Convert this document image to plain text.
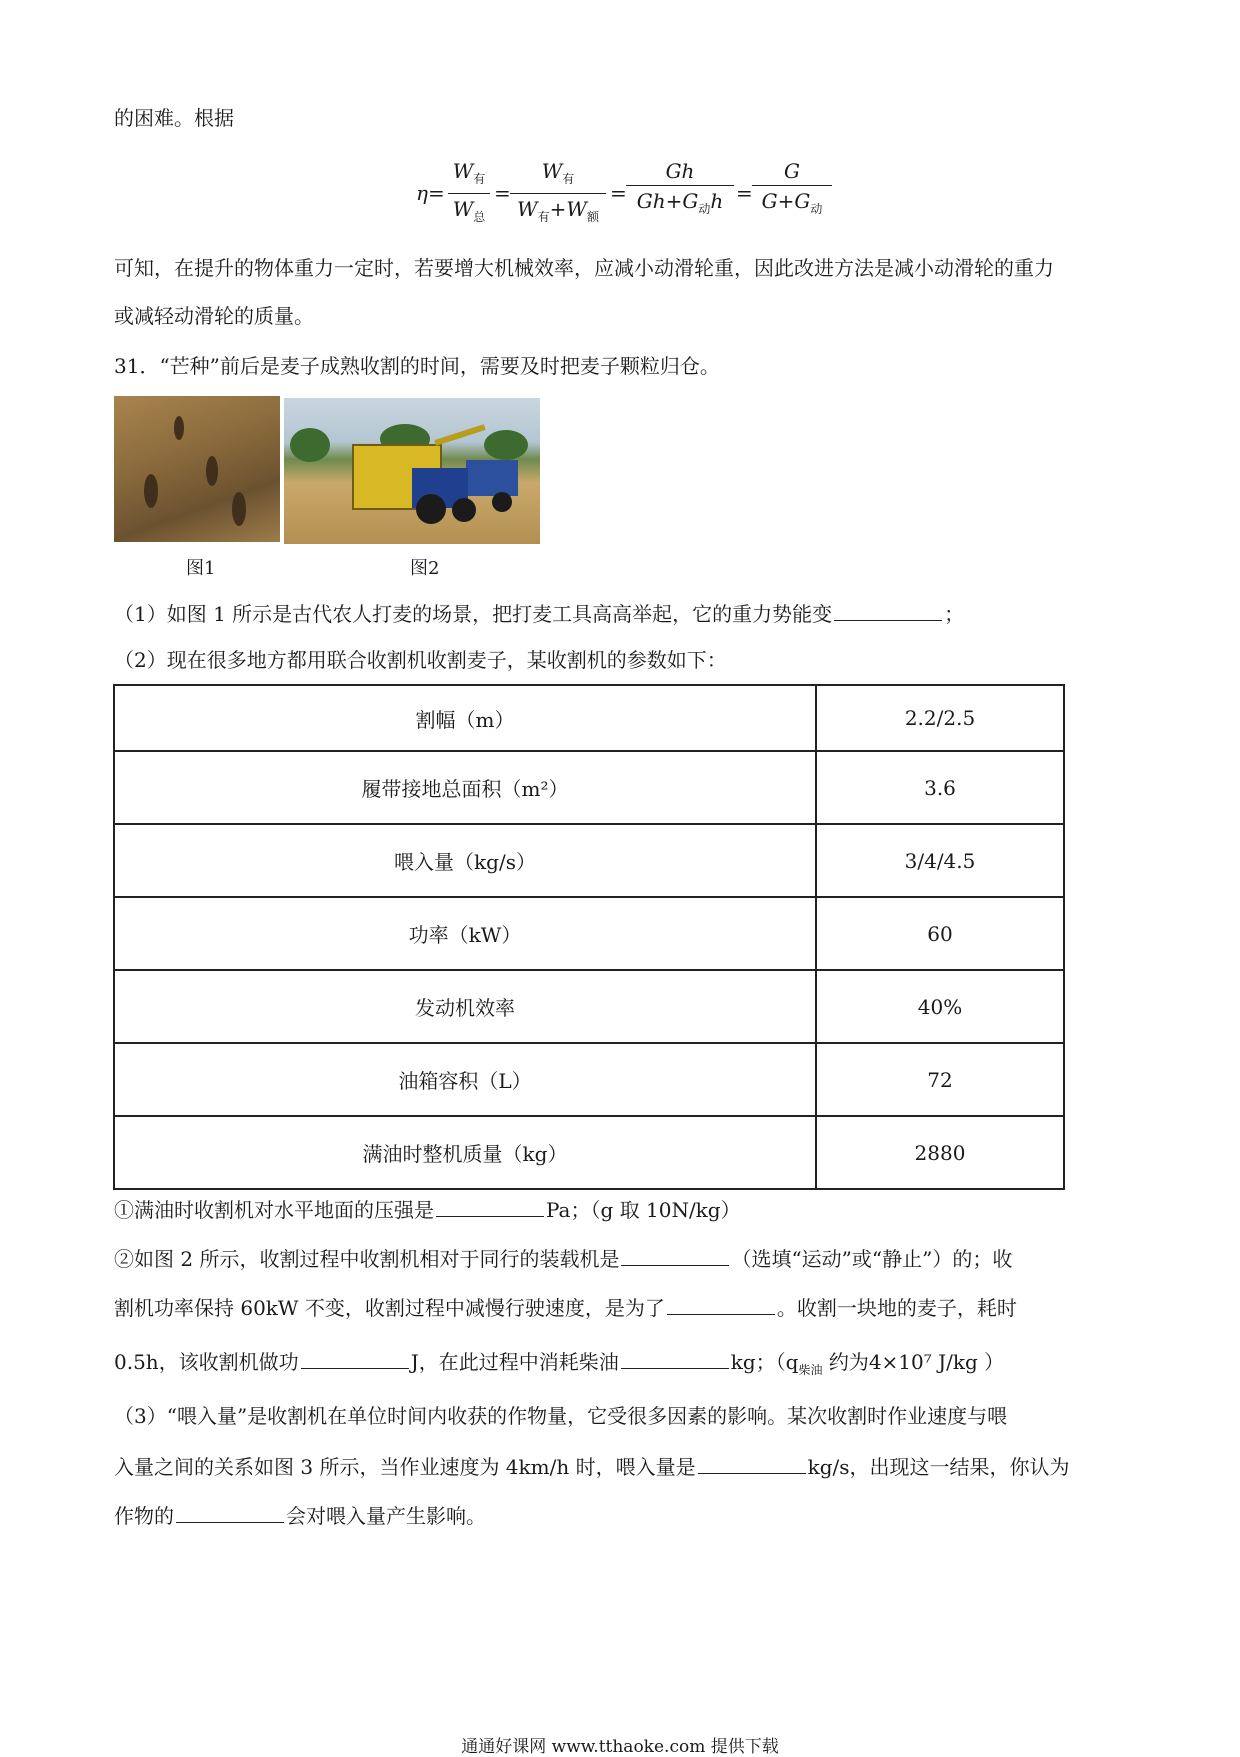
的困难。根据
η=
$W_有$
$W_总$
=
$W_有$
$W_有+W_额$
=
Gh
$Gh+G_动h$ =
G
$G+G_动$
可知，在提升的物体重力一定时，若要增大机械效率，应减小动滑轮重，因此改进方法是减小动滑轮的重力
或减轻动滑轮的质量。
31．“芒种”前后是麦子成熟收割的时间，需要及时把麦子颗粒归仓。
图1	图2
（1）如图 1 所示是古代农人打麦的场景，把打麦工具高高举起，它的重力势能变	；
（2）现在很多地方都用联合收割机收割麦子，某收割机的参数如下：
割幅（m）	2.2/2.5
履带接地总面积（m²）	3.6
喂入量（kg/s）	3/4/4.5
功率（kW）	60
发动机效率	40%
油箱容积（L）	72
满油时整机质量（kg）	2880
①满油时收割机对水平地面的压强是	Pa；（g 取 10N/kg）
②如图 2 所示，收割过程中收割机相对于同行的装载机是	（选填“运动”或“静止”）的；收
割机功率保持 60kW 不变，收割过程中减慢行驶速度，是为了	。收割一块地的麦子，耗时
0.5h，该收割机做功	J，在此过程中消耗柴油	kg；（$q_{柴油}$ 约为4×10⁷ J/kg ）
（3）“喂入量”是收割机在单位时间内收获的作物量，它受很多因素的影响。某次收割时作业速度与喂
入量之间的关系如图 3 所示，当作业速度为 4km/h 时，喂入量是	kg/s，出现这一结果，你认为
作物的	会对喂入量产生影响。
通通好课网 www.tthaoke.com 提供下载
